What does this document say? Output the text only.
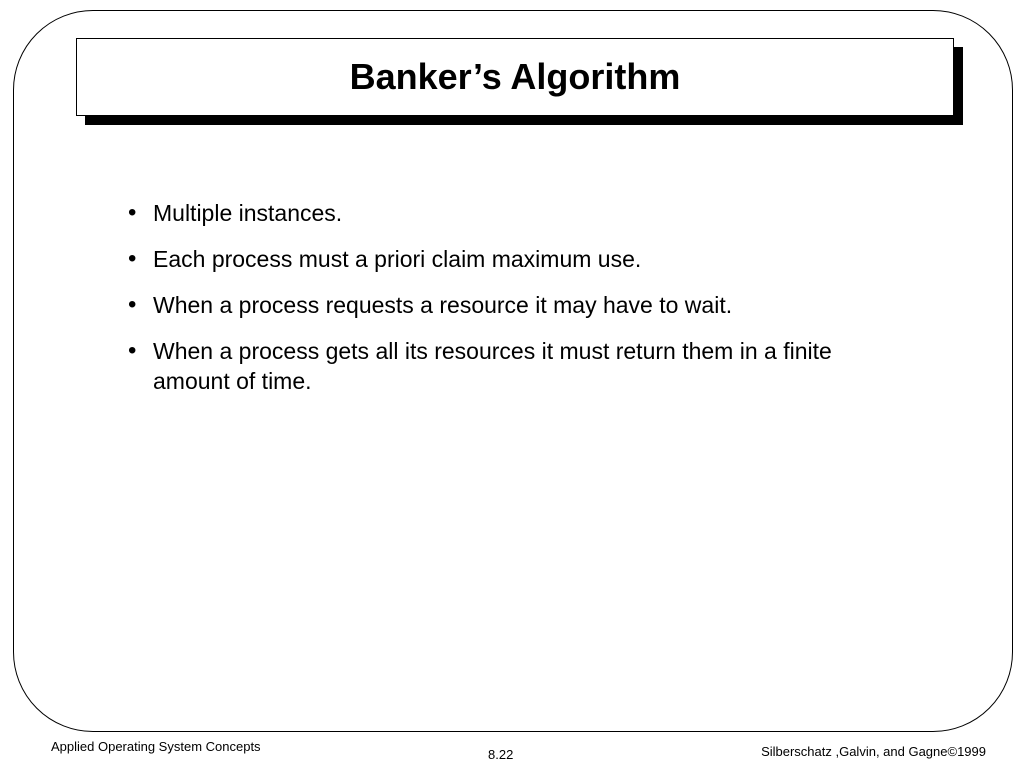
Banker’s Algorithm
• Multiple instances.
• Each process must a priori claim maximum use.
• When a process requests a resource it may have to wait.
• When a process gets all its resources it must return them in a finite amount of time.
Applied Operating System Concepts
8.22	Silberschatz ,Galvin, and Gagne©1999
